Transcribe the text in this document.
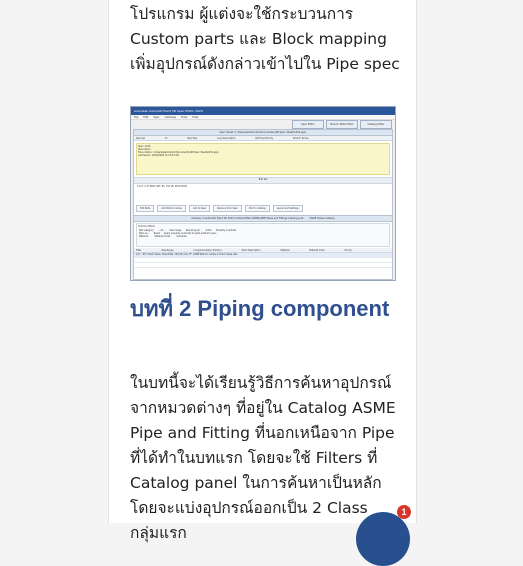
โปรแกรม ผู้แต่งจะใช้กระบวนการ Custom parts และ Block mapping เพิ่มอุปกรณ์ดังกล่าวเข้าไปใน Pipe spec

Autodesk AutoCAD Plant 3D Spec Editor 2020
File Edit Spec Catalogs Tools Help
Spec Editor	Branch Table Editor	Catalog Editor
Spec Sheet: C:\Users\plantdoctor\Documents\108 Spec Sheet\A150.pspc
Size List	To	Max Size	Long Description	Part Use Priority	Branch Te Use
Spec: A150
Description
File Location: C:\Users\plantdoctor\Documents\108 Spec Sheet\A150.pspc
Last Saved: 12/26/2020 11:13:43 AM
Bolt Set
2 1/2" In 8" BOLT SET, RF, 150 LB, STUD BOLT
Edit Parts	Add Parts to Group	Add to Spec	Remove from Spec	Print in Catalog	Layout and Settings
Catalog: C:\AutoCAD Plant 3D 2020 Content\CPak ASME\ASME Pipes and Fittings Catalog.pcat	ASME Valves Catalog
Common filters
Part category: -- All -- Size range: Reducing siz... Units: Property overrides
Main en... Reset Apply property overrides to parts added to spec
Material:	Material Code:	Schedule:
Filter	Size Range	Long Description (Family)	Short Description	Material	Material Code	End Ty
1/2" - 80" Check Valve, Dual Plate, 150 LB, LUG, FF, ASME B16.10, Series A Check Valve LUG
บทที่ 2 Piping component

ในบทนี้จะได้เรียนรู้วิธีการค้นหาอุปกรณ์จากหมวดต่างๆ ที่อยู่ใน Catalog ASME Pipe and Fitting ที่นอกเหนือจาก Pipe ที่ได้ทำในบทแรก โดยจะใช้ Filters ที่ Catalog panel ในการค้นหาเป็นหลัก โดยจะแบ่งอุปกรณ์ออกเป็น 2 Class กลุ่มแรก

1
